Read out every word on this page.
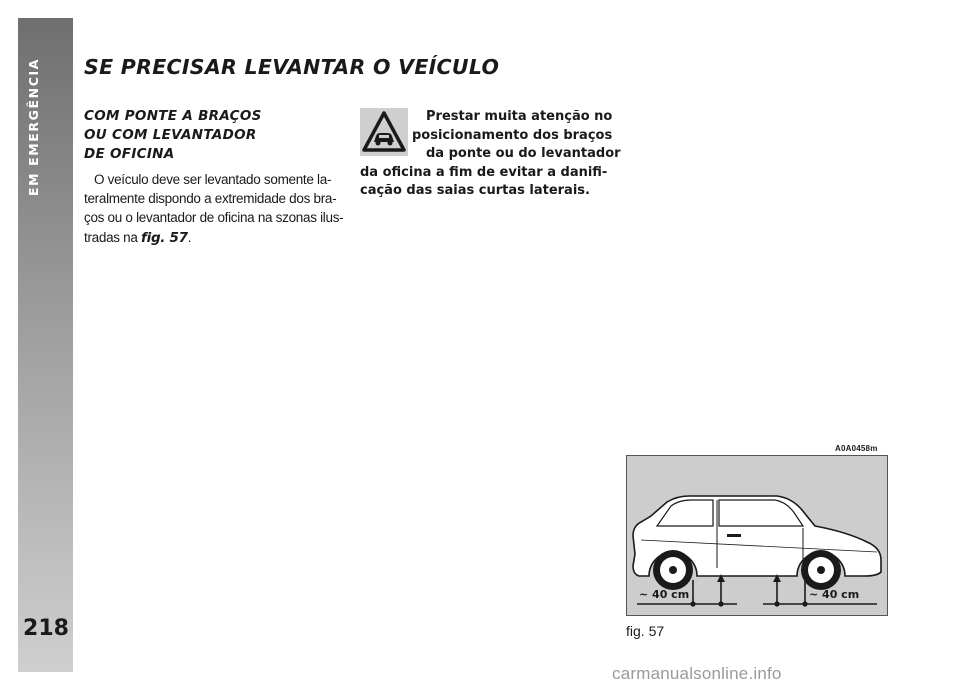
EM EMERGÊNCIA
218
SE PRECISAR LEVANTAR O VEÍCULO
COM PONTE A BRAÇOS
OU COM LEVANTADOR
DE OFICINA

O veículo deve ser levantado somente la-
teralmente dispondo a extremidade dos bra-
ços ou o levantador de oficina na szonas ilus-
tradas na fig. 57.

Prestar muita atenção no
posicionamento dos braços
da ponte ou do levantador
da oficina a fim de evitar a danifi-
cação das saias curtas laterais.

A0A0458m
~ 40 cm	~ 40 cm
fig. 57
carmanualsonline.info
